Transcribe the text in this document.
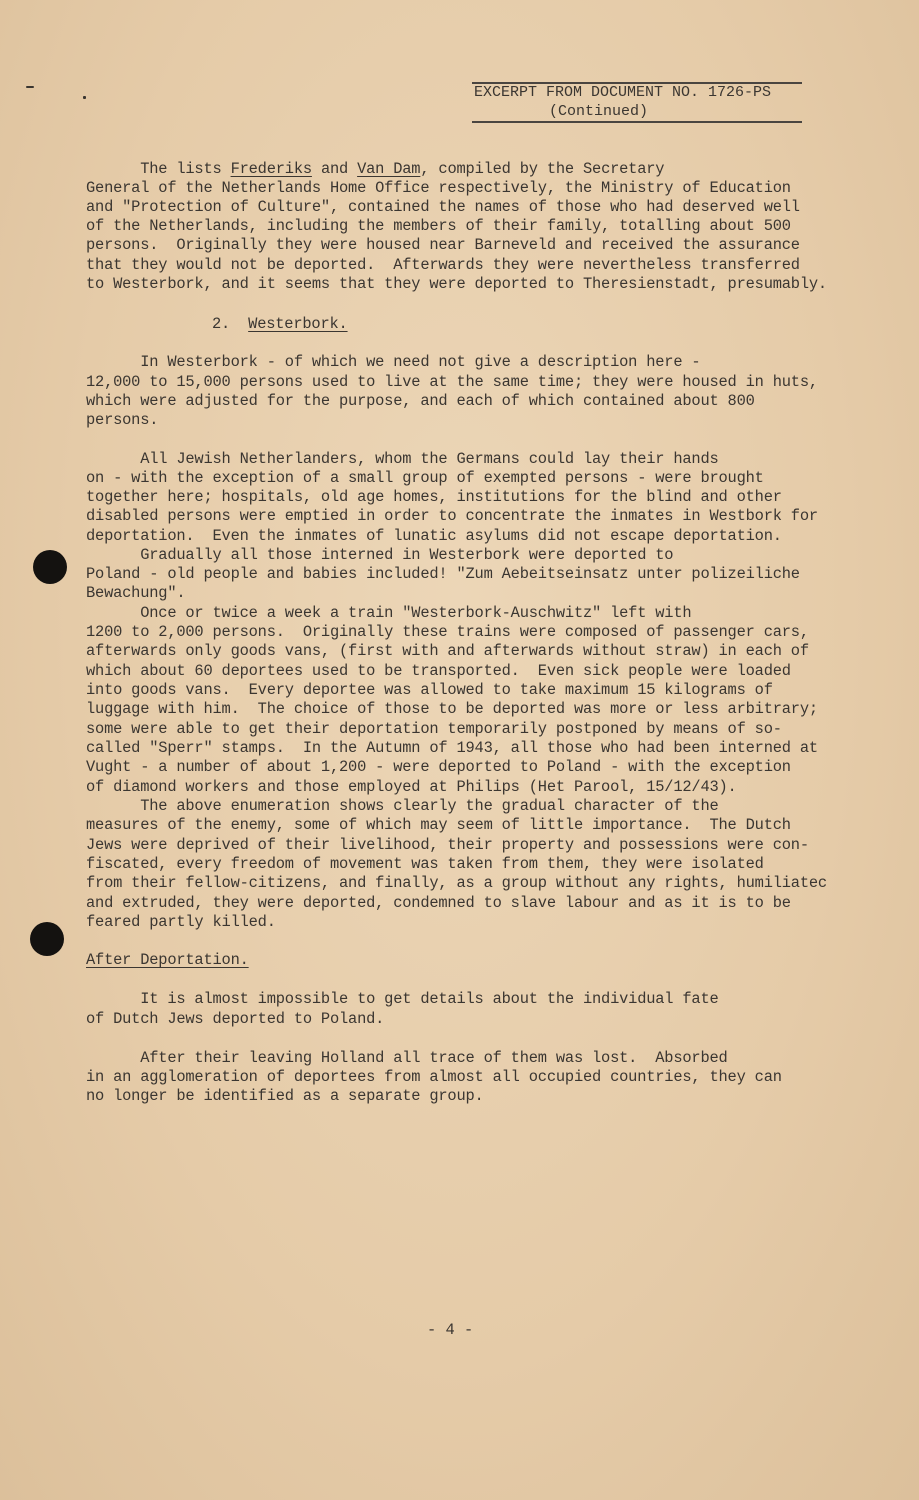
EXCERPT FROM DOCUMENT NO. 1726-PS
(Continued)
The lists Frederiks and Van Dam, compiled by the Secretary
General of the Netherlands Home Office respectively, the Ministry of Education
and "Protection of Culture", contained the names of those who had deserved well
of the Netherlands, including the members of their family, totalling about 500
persons.  Originally they were housed near Barneveld and received the assurance
that they would not be deported.  Afterwards they were nevertheless transferred
to Westerbork, and it seems that they were deported to Theresienstadt, presumably.
2.  Westerbork.
In Westerbork - of which we need not give a description here -
12,000 to 15,000 persons used to live at the same time; they were housed in huts,
which were adjusted for the purpose, and each of which contained about 800
persons.
All Jewish Netherlanders, whom the Germans could lay their hands
on - with the exception of a small group of exempted persons - were brought
together here; hospitals, old age homes, institutions for the blind and other
disabled persons were emptied in order to concentrate the inmates in Westbork for
deportation.  Even the inmates of lunatic asylums did not escape deportation.
Gradually all those interned in Westerbork were deported to
Poland - old people and babies included! "Zum Aebeitseinsatz unter polizeiliche
Bewachung".
Once or twice a week a train "Westerbork-Auschwitz" left with
1200 to 2,000 persons.  Originally these trains were composed of passenger cars,
afterwards only goods vans, (first with and afterwards without straw) in each of
which about 60 deportees used to be transported.  Even sick people were loaded
into goods vans.  Every deportee was allowed to take maximum 15 kilograms of
luggage with him.  The choice of those to be deported was more or less arbitrary;
some were able to get their deportation temporarily postponed by means of so-
called "Sperr" stamps.  In the Autumn of 1943, all those who had been interned at
Vught - a number of about 1,200 - were deported to Poland - with the exception
of diamond workers and those employed at Philips (Het Parool, 15/12/43).
The above enumeration shows clearly the gradual character of the
measures of the enemy, some of which may seem of little importance.  The Dutch
Jews were deprived of their livelihood, their property and possessions were con-
fiscated, every freedom of movement was taken from them, they were isolated
from their fellow-citizens, and finally, as a group without any rights, humiliatec
and extruded, they were deported, condemned to slave labour and as it is to be
feared partly killed.
After Deportation.
It is almost impossible to get details about the individual fate
of Dutch Jews deported to Poland.
After their leaving Holland all trace of them was lost.  Absorbed
in an agglomeration of deportees from almost all occupied countries, they can
no longer be identified as a separate group.
- 4 -
